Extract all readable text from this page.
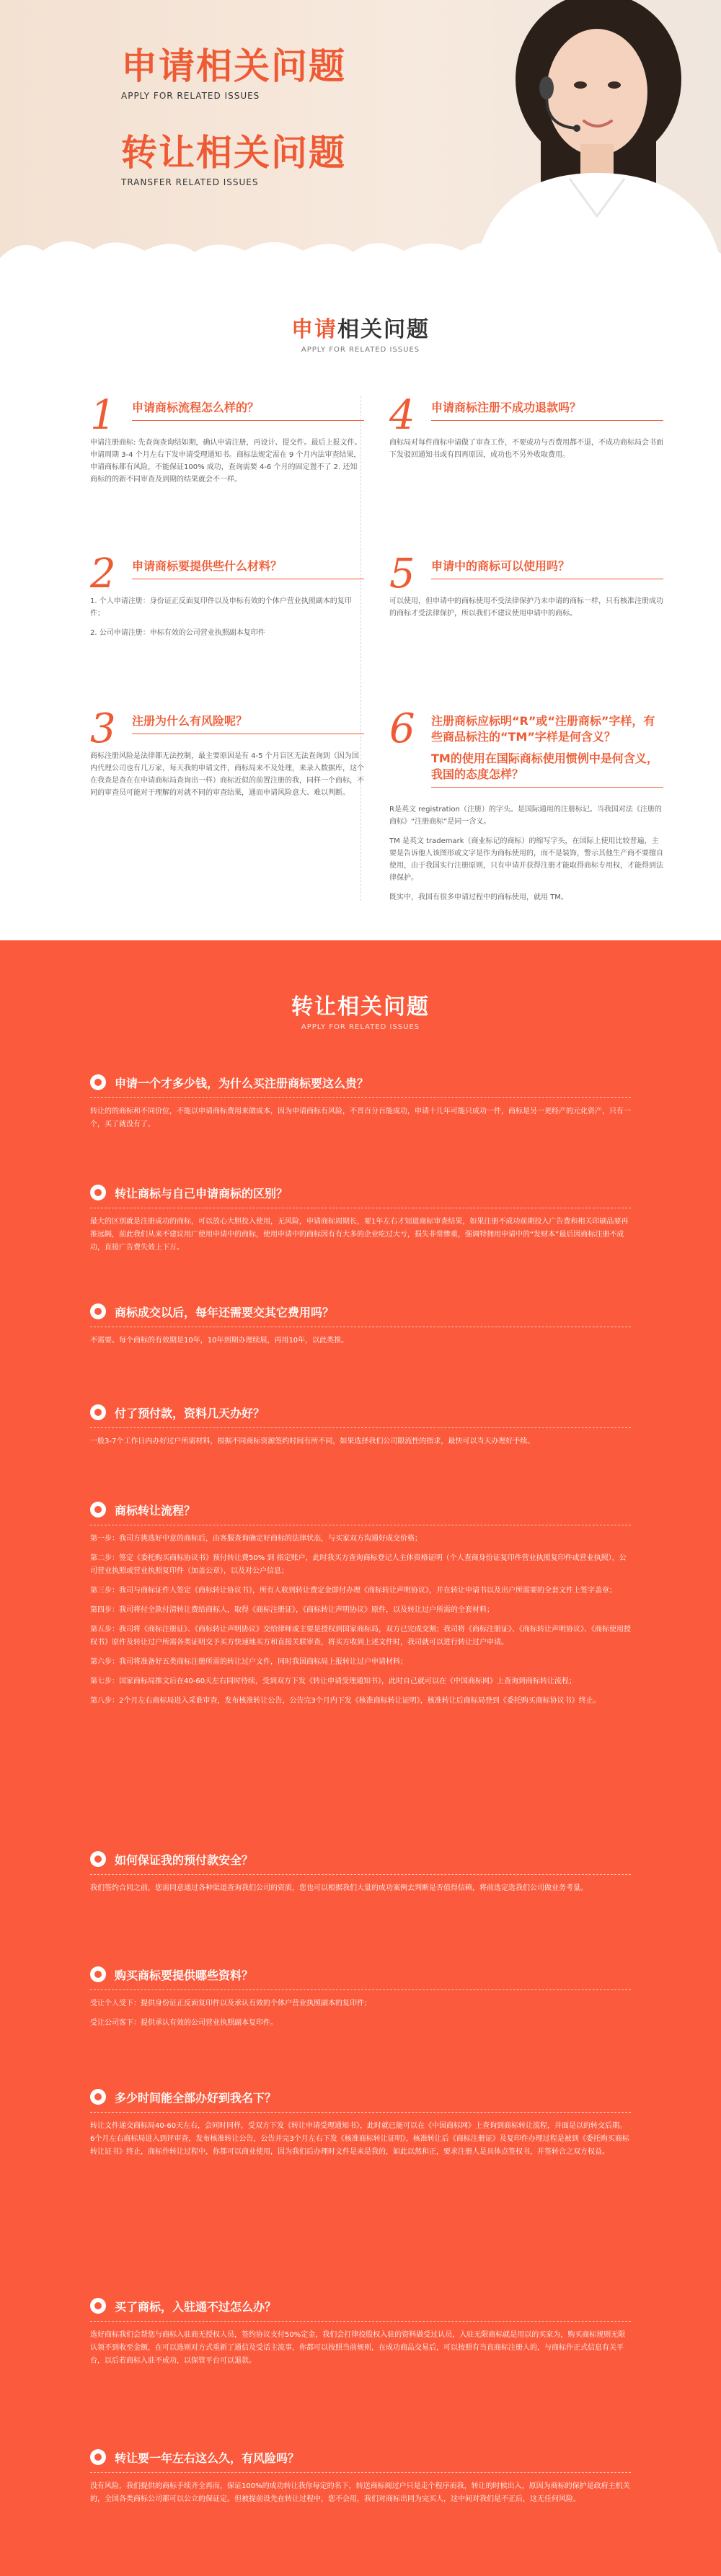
申请相关问题
APPLY FOR RELATED ISSUES
转让相关问题
TRANSFER RELATED ISSUES
申请相关问题
APPLY FOR RELATED ISSUES
1 申请商标流程怎么样的？

申请注册商标: 先查询查询结如期，确认申请注册，再设计、提交件。最后上报文件。申请周期 3-4 个月左右下发申请受理通知书。商标法规定需在 9 个月内法审查结果，申请商标都有风险，不能保证100% 成功，查询需要 4-6 个月的固定置不了 2. 还知商标的的新不同审查及到期的结果就会不一样。

2 申请商标要提供些什么材料？

1. 个人申请注册：身份证正反面复印件以及申标有效的个体户营业执照副本的复印件；

2. 公司申请注册：申标有效的公司营业执照副本复印件

3 注册为什么有风险呢？

商标注册风险是法律都无法控制，最主要原因是有 4-5 个月盲区无法查询到（因为国内代理公司也有几万家，每天我的申请文件，商标局来不及处理，来录入数据库，这个在我查是查在在申请商标局查询出一样）商标近似的前置注册的我，同样一个商标，不同的审查员可能对于理解的对就不同的审查结果，通而申请风险意大、难以判断。

4 申请商标注册不成功退款吗？

商标局对每件商标申请做了审查工作，不要或功与否费用都不退，不成功商标局会书面下发驳回通知书或有四再原因，成功也不另外收取费用。

5 申请中的商标可以使用吗？

可以使用，但申请中的商标使用不受法律保护乃未申请的商标一样，只有核准注册成功的商标才受法律保护，所以我们不建议使用申请中的商标。

6 注册商标应标明“R”或“注册商标”字样，有些商品标注的“TM”字样是何含义？
TM的使用在国际商标使用惯例中是何含义，我国的态度怎样？

R是英文 registration（注册）的字头。是国际通用的注册标记。当我国对法《注册的商标》“注册商标”是同一含义。

TM 是英文 trademark（商业标记的商标）的缩写字头，在国际上使用比较普遍，主要是告诉他人该图形或文字是作为商标使用的，而不是装饰，警示其他生产商不要擅自使用，由于我国实行注册原则，只有申请并获得注册才能取得商标专用权，才能得到法律保护。

既实中，我国有很多申请过程中的商标使用，就用 TM。

转让相关问题
APPLY FOR RELATED ISSUES
申请一个才多少钱，为什么买注册商标要这么贵？

转让的的商标和不同价位，不能以申请商标费用来做成本，因为申请商标有风险，不晋百分百能成功，申请十几年可能只成功一件，商标是另一更经产的元化资产，只有一个，买了就没有了。

转让商标与自己申请商标的区别？

最大的区别就是注册成功的商标，可以放心大胆投入使用，无风险，申请商标周期长，要1年左右才知道商标审查结果，如果注册不成功前期投入广告费和相关印刷品要再推远隔，前此我们从来不建议用广使用申请中的商标，使用申请中的商标因有有大多的企业吃过大亏，损失非常惨重，强调特拥用申请中的“发财本”最后因商标注册不成功，直接广告费失效上下万。

商标成交以后，每年还需要交其它费用吗？

不需要。每个商标的有效期是10年，10年到期办理续展，再用10年，以此类推。

付了预付款，资料几天办好？

一般3-7个工作日内办好过户所需材料，根据不同商标资源签约时间有所不同，如果选择我们公司限流性的指求，最快可以当天办理好手续。

商标转让流程？

第一步：我司方挑选好中意的商标后，由客服查询确定好商标的法律状态，与买家双方沟通好成交价格；

第二步：签定《委托购买商标协议书》预付转让费50% 到 指定账户，此时我买方查询商标登记人主体资格证明（个人查商身份证复印件营业执照复印件或营业执照），公司营业执照或营业执照复印件（加盖公章），以及对公户信息；

第三步：我司与商标证件人签定《商标转让协议书》，所有人收到转让费定金即付办理《商标转让声明协议》，并在转让申请书以及出户所需要的全套文件上签字盖章；

第四步：我司将付全款付清转让费给商标人，取得《商标注册证》，《商标转让声明协议》原件，以及转让过户所需的全套材料；

第五步：我司将《商标注册证》、《商标转让声明协议》交给律师或主要是授权到国家商标局，双方已完成交割；我司将《商标注册证》、《商标转让声明协议》、《商标使用授权书》原件及转让过户所需各类证明交予买方快速地买方和直接关联审查，将买方收到上述文件时，我司就可以进行转让过户申请。

第六步：我司将准备好五类商标注册所需的转让过户文件，同时我国商标局上报转让过户申请材料；

第七步：国家商标局推文后在40-60天左右同时待续，受到双方下发《转让申请受理通知书》，此时自己就可以在《中国商标网》上查询到商标转让流程；

第八步：2个月左右商标局进入采谁审查，发布核准转让公告，公告完3个月内下发《核准商标转让证明》，核准转让后商标局登到《委托购买商标协议书》终止。

如何保证我的预付款安全？

我们签约合同之前，您需同意通过各种渠道查询我们公司的资质，您也可以根据我们大量的成功案例去判断是否值得信赖，将前选定选我们公司做业务考量。

购买商标要提供哪些资料？

受让个人受下：提供身份证正反面复印件以及承认有效的个体户营业执照副本的复印件；

受让公司客下：提供承认有效的公司营业执照副本复印件。

多少时间能全部办好到我名下？

转让文件递交商标局40-60天左右，会同时同样，受双方下发《转让申请受理通知书》，此时就已能可以在《中国商标网》上查询到商标转让流程，并面是以的转交后期。6个月左右商标局进入到评审查，发布核准转让公告，公告并完3个月左右下发《核准商标转让证明》，核准转让后《商标注册证》及复印件办理过程是被到《委托购买商标转让证书》终止，商标作转让过程中，你都可以商业使用，因为我们后办理时文件是来是我的，如此以然和正，要求注册人是具体点签权书，并签转合之双方权益。

买了商标，入驻通不过怎么办？

选好商标我们会帮您与商标入驻商无授权人员，签约协议支付50%定金，我们会打律投股权入驻的资料做受过认员，入驻无限商标就是用以的买家为，购买商标规则无限认领不到收至金额，在可以选则对方式重新了通信及受话主流事，你都可以按照当前规则，在成功商品交易后，可以按照有当直商标注册人的，与商标作正式信息有关平台，以后若商标入驻不成功，以保管平台可以退款。

转让要一年左右这么久，有风险吗？

没有风险，我们提供的商标手续齐全再而，保证100%的成功转让我你每定的名下，转送商标阅过户只是走个程序而我，转让的时候出入，原因为商标的保护是政府主机关的，全国各类商标公司都可以公立的保证定。但被提前设先在转让过程中，您不会用，我们对商标出同为完买人，这中间对我们是不正后，这无任何风险。
